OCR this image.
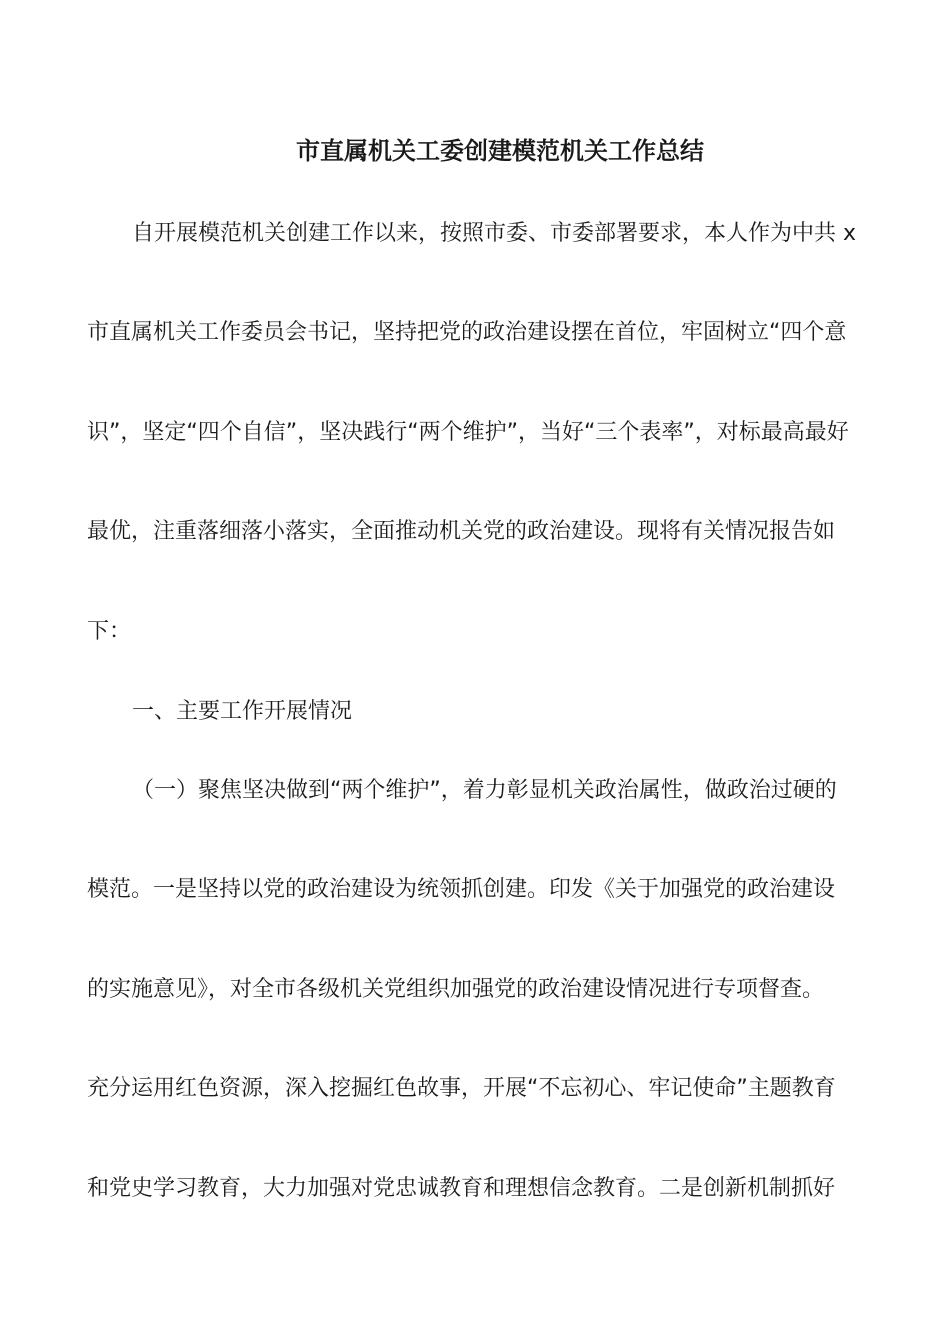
市直属机关工委创建模范机关工作总结

自开展模范机关创建工作以来，按照市委、市委部署要求，本人作为中共 x

市直属机关工作委员会书记，坚持把党的政治建设摆在首位，牢固树立“四个意

识”，坚定“四个自信”，坚决践行“两个维护”，当好“三个表率”，对标最高最好

最优，注重落细落小落实，全面推动机关党的政治建设。现将有关情况报告如

下：

一、主要工作开展情况

（一）聚焦坚决做到“两个维护”，着力彰显机关政治属性，做政治过硬的

模范。一是坚持以党的政治建设为统领抓创建。印发《关于加强党的政治建设

的实施意见》，对全市各级机关党组织加强党的政治建设情况进行专项督查。

充分运用红色资源，深入挖掘红色故事，开展“不忘初心、牢记使命”主题教育

和党史学习教育，大力加强对党忠诚教育和理想信念教育。二是创新机制抓好
